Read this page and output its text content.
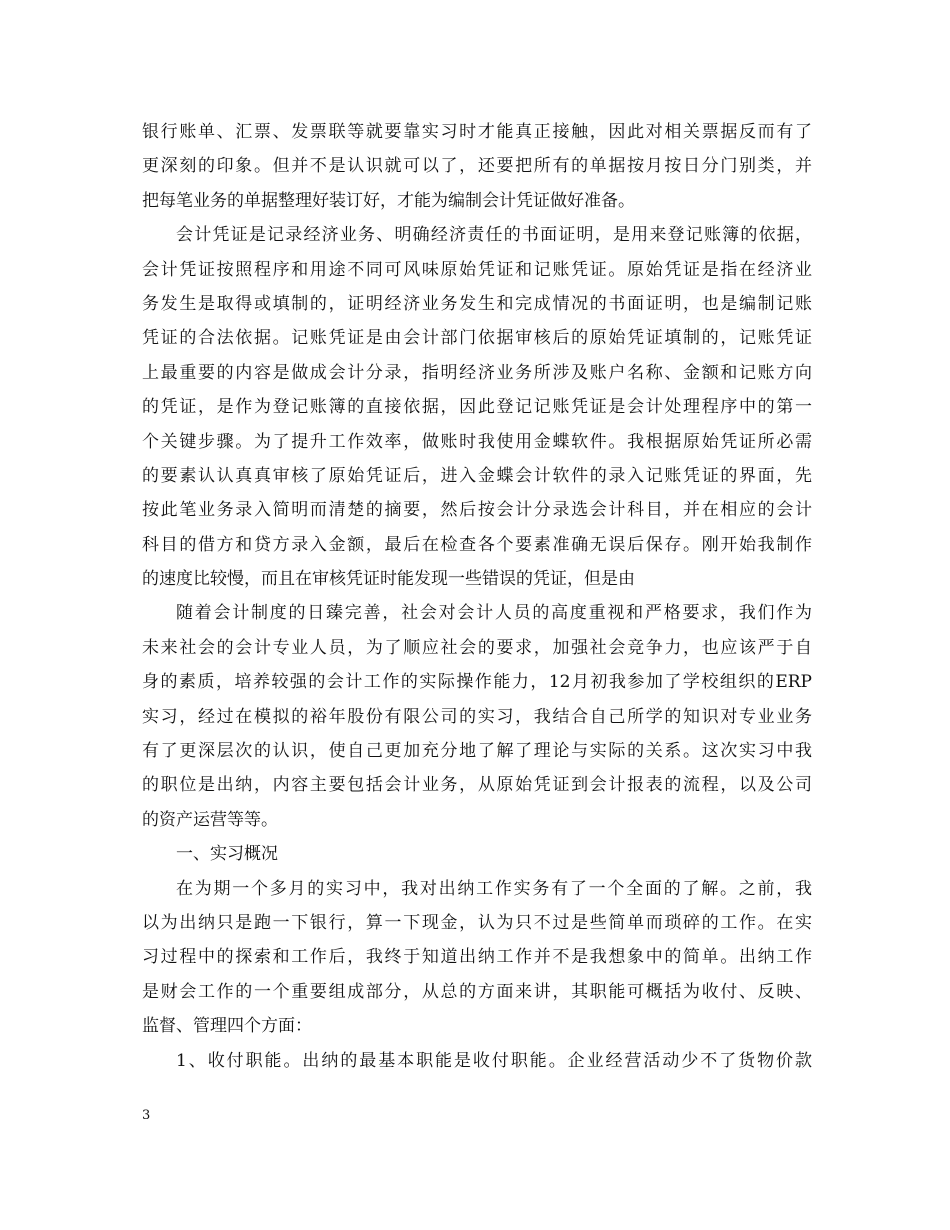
银行账单、汇票、发票联等就要靠实习时才能真正接触，因此对相关票据反而有了
更深刻的印象。但并不是认识就可以了，还要把所有的单据按月按日分门别类，并
把每笔业务的单据整理好装订好，才能为编制会计凭证做好准备。
会计凭证是记录经济业务、明确经济责任的书面证明，是用来登记账簿的依据，
会计凭证按照程序和用途不同可风味原始凭证和记账凭证。原始凭证是指在经济业
务发生是取得或填制的，证明经济业务发生和完成情况的书面证明，也是编制记账
凭证的合法依据。记账凭证是由会计部门依据审核后的原始凭证填制的，记账凭证
上最重要的内容是做成会计分录，指明经济业务所涉及账户名称、金额和记账方向
的凭证，是作为登记账簿的直接依据，因此登记记账凭证是会计处理程序中的第一
个关键步骤。为了提升工作效率，做账时我使用金蝶软件。我根据原始凭证所必需
的要素认认真真审核了原始凭证后，进入金蝶会计软件的录入记账凭证的界面，先
按此笔业务录入简明而清楚的摘要，然后按会计分录选会计科目，并在相应的会计
科目的借方和贷方录入金额，最后在检查各个要素准确无误后保存。刚开始我制作
的速度比较慢，而且在审核凭证时能发现一些错误的凭证，但是由
随着会计制度的日臻完善，社会对会计人员的高度重视和严格要求，我们作为
未来社会的会计专业人员，为了顺应社会的要求，加强社会竞争力，也应该严于自
身的素质，培养较强的会计工作的实际操作能力，12月初我参加了学校组织的ERP
实习，经过在模拟的裕年股份有限公司的实习，我结合自己所学的知识对专业业务
有了更深层次的认识，使自己更加充分地了解了理论与实际的关系。这次实习中我
的职位是出纳，内容主要包括会计业务，从原始凭证到会计报表的流程，以及公司
的资产运营等等。
一、实习概况
在为期一个多月的实习中，我对出纳工作实务有了一个全面的了解。之前，我
以为出纳只是跑一下银行，算一下现金，认为只不过是些简单而琐碎的工作。在实
习过程中的探索和工作后，我终于知道出纳工作并不是我想象中的简单。出纳工作
是财会工作的一个重要组成部分，从总的方面来讲，其职能可概括为收付、反映、
监督、管理四个方面：
1、收付职能。出纳的最基本职能是收付职能。企业经营活动少不了货物价款
3
